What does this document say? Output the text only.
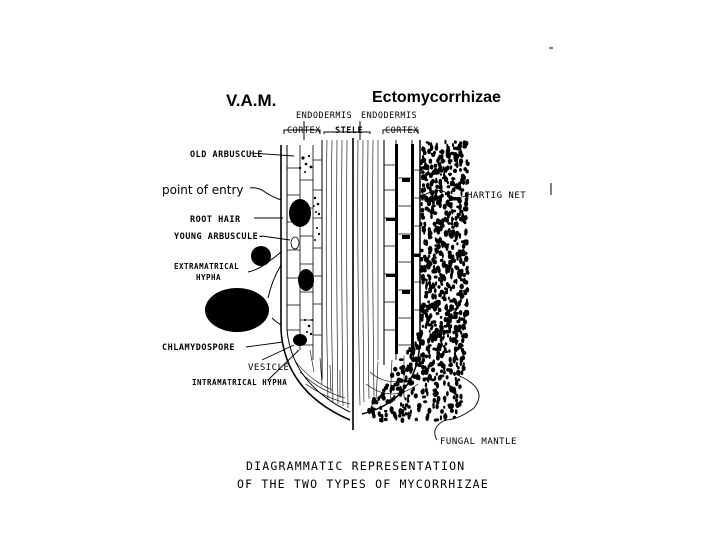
V.A.M.	Ectomycorrhizae
ENDODERMIS ENDODERMIS
CORTEX STELE	CORTEX
OLD ARBUSCULE
point of entry
ROOT HAIR
YOUNG ARBUSCULE-
EXTRAMATRICAL
HYPHA
CHLAMYDOSPORE
VESICLE
INTRAMATRICAL HYPHA
HARTIG NET
FUNGAL MANTLE
DIAGRAMMATIC REPRESENTATION
OF THE TWO TYPES OF MYCORRHIZAE
